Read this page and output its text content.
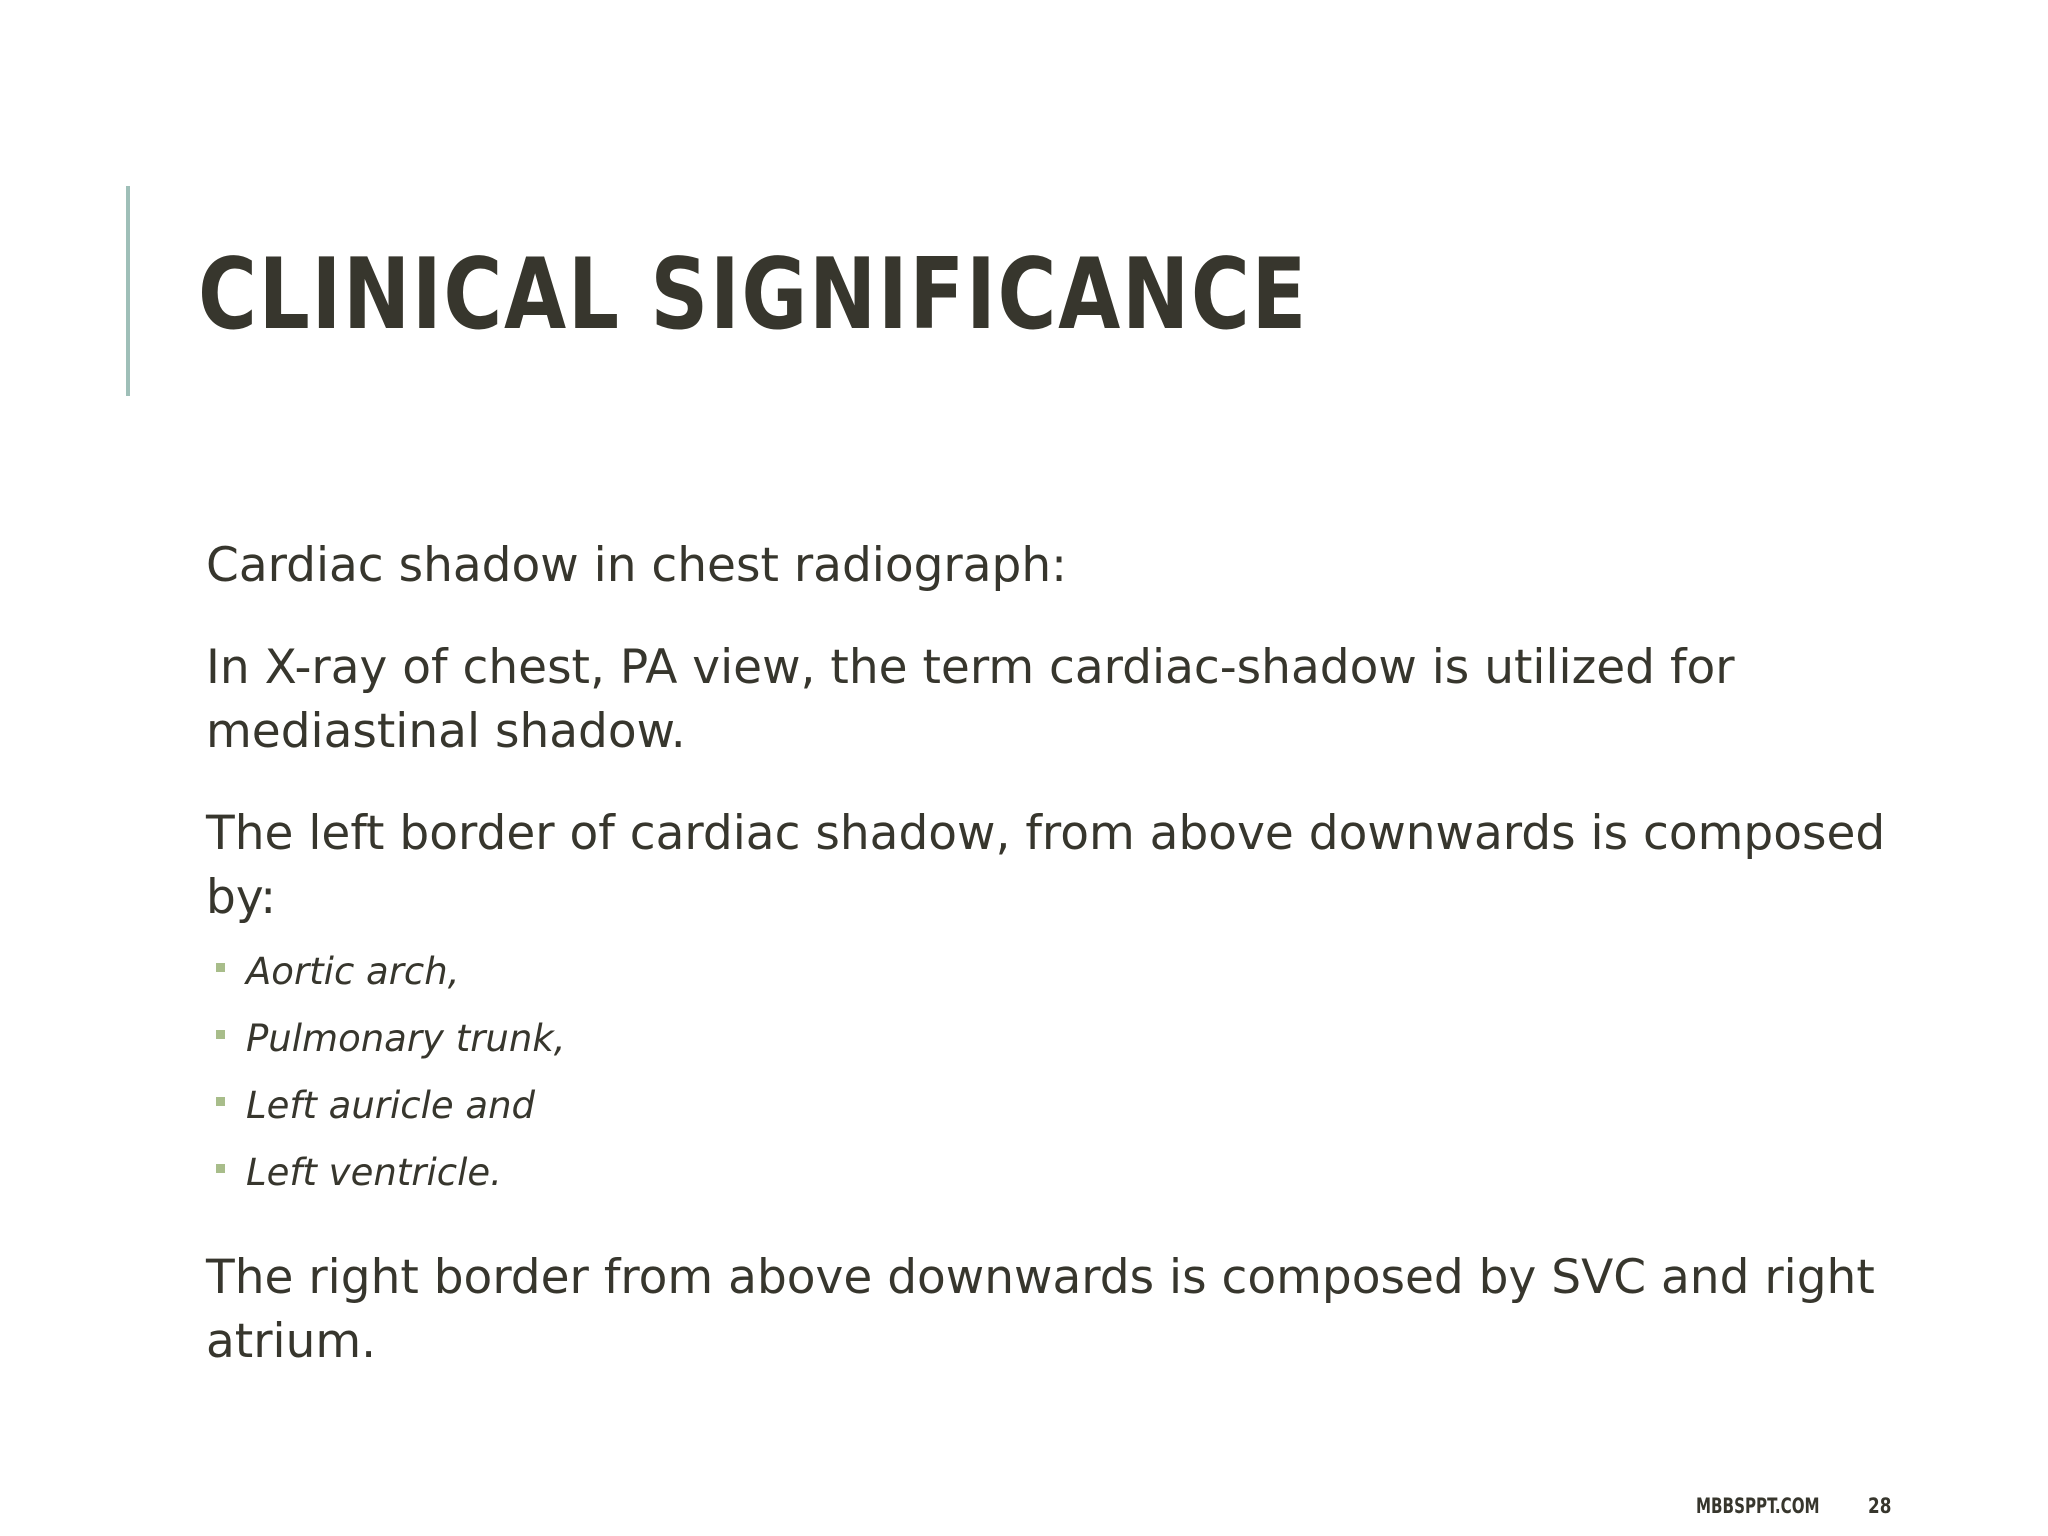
CLINICAL SIGNIFICANCE

Cardiac shadow in chest radiograph:

In X-ray of chest, PA view, the term cardiac-shadow is utilized for mediastinal shadow.

The left border of cardiac shadow, from above downwards is composed by:

Aortic arch,
Pulmonary trunk,
Left auricle and
Left ventricle.

The right border from above downwards is composed by SVC and right atrium.

MBBSPPT.COM 28
